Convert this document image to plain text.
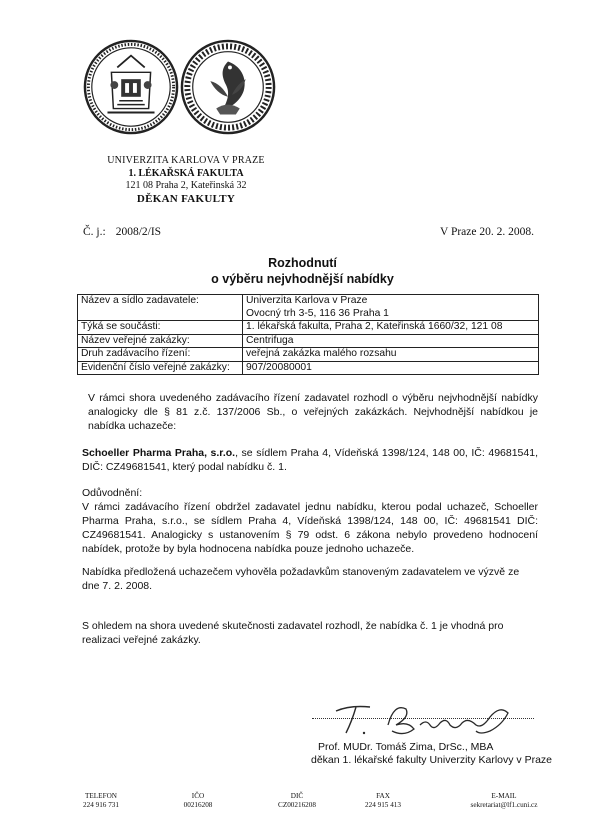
UNIVERZITA KARLOVA V PRAZE
1. LÉKAŘSKÁ FAKULTA
121 08 Praha 2, Kateřinská 32
DĚKAN FAKULTY
Č. j.: 2008/2/IS	V Praze 20. 2. 2008.
Rozhodnutí
o výběru nejvhodnější nabídky
Název a sídlo zadavatele:	Univerzita Karlova v Praze
Ovocný trh 3-5, 116 36 Praha 1

Týká se součásti:	1. lékařská fakulta, Praha 2, Kateřinská 1660/32, 121 08
Název veřejné zakázky:	Centrifuga
Druh zadávacího řízení:	veřejná zakázka malého rozsahu
Evidenční číslo veřejné zakázky:	907/20080001

V rámci shora uvedeného zadávacího řízení zadavatel rozhodl o výběru nejvhodnější nabídky analogicky dle § 81 z.č. 137/2006 Sb., o veřejných zakázkách. Nejvhodnější nabídkou je nabídka uchazeče:

Schoeller Pharma Praha, s.r.o., se sídlem Praha 4, Vídeňská 1398/124, 148 00, IČ: 49681541, DIČ: CZ49681541, který podal nabídku č. 1.

Odůvodnění:

V rámci zadávacího řízení obdržel zadavatel jednu nabídku, kterou podal uchazeč, Schoeller Pharma Praha, s.r.o., se sídlem Praha 4, Vídeňská 1398/124, 148 00, IČ: 49681541 DIČ: CZ49681541. Analogicky s ustanovením § 79 odst. 6 zákona nebylo provedeno hodnocení nabídek, protože by byla hodnocena nabídka pouze jednoho uchazeče.

Nabídka předložená uchazečem vyhověla požadavkům stanoveným zadavatelem ve výzvě ze dne 7. 2. 2008.

S ohledem na shora uvedené skutečnosti zadavatel rozhodl, že nabídka č. 1 je vhodná pro realizaci veřejné zakázky.

Prof. MUDr. Tomáš Zima, DrSc., MBA
děkan 1. lékařské fakulty Univerzity Karlovy v Praze
TELEFON
224 916 731
IČO
00216208
DIČ
CZ00216208
FAX
224 915 413
E-MAIL
sekretariat@lf1.cuni.cz
